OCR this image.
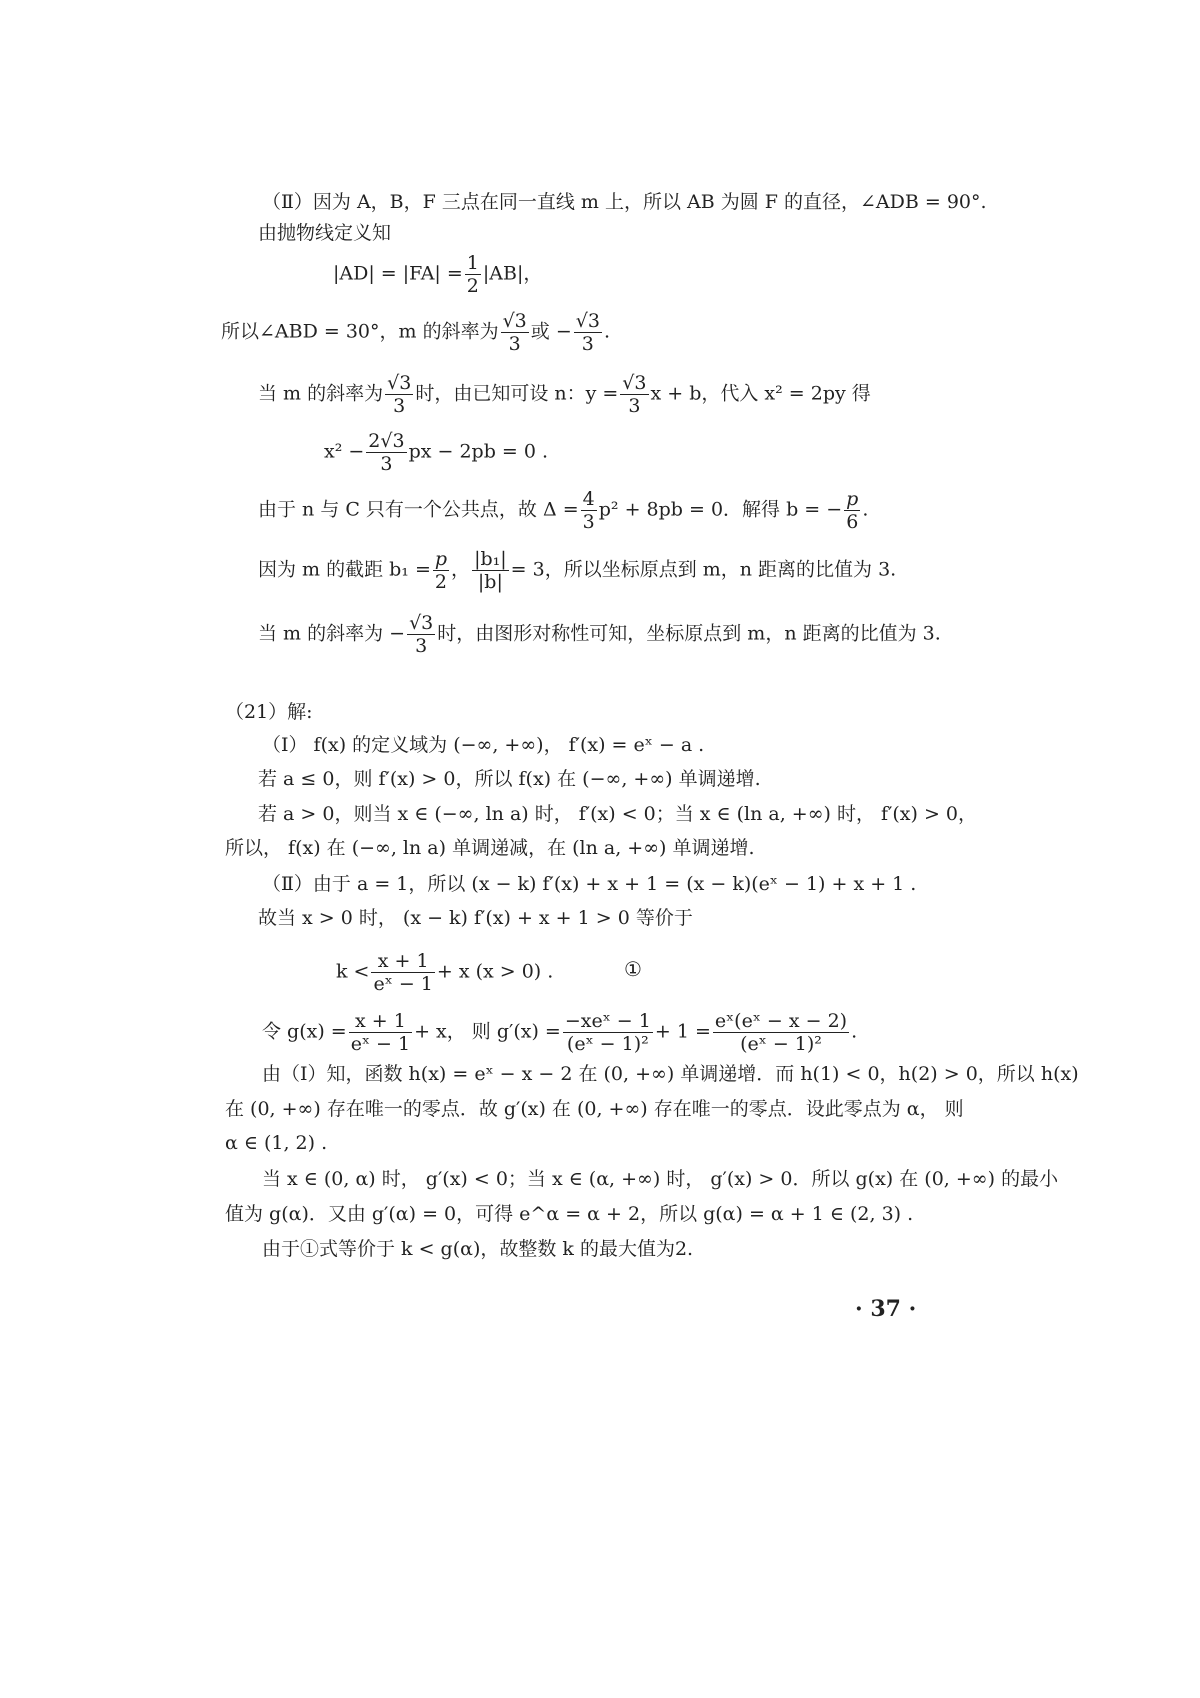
（Ⅱ）因为 A，B，F 三点在同一直线 m 上，所以 AB 为圆 F 的直径，∠ADB = 90°.
由抛物线定义知
$|AD| = |FA| = \frac{1}{2} |AB|$，
所以∠ABD = 30°，m 的斜率为 $\frac{√3}{3}$ 或 − $\frac{√3}{3}$ .
当 m 的斜率为 $\frac{√3}{3}$ 时，由已知可设 n：$y = \frac{√3}{3}$ x + b，代入 x² = 2py 得
$x^2 - \frac{2√3}{3}$ px − 2pb = 0 .
由于 n 与 C 只有一个公共点，故 $\Delta = \frac{4}{3} p^2 + 8pb = 0$．解得 b = − $\frac{p}{6}$ .
因为 m 的截距 $b_1 = \frac{p}{2}$ ， $\frac{\text{|b₁|}}{|b|} = 3$，所以坐标原点到 m，n 距离的比值为 3.
当 m 的斜率为 − $\frac{√3}{3}$ 时，由图形对称性可知，坐标原点到 m，n 距离的比值为 3.
（21）解:
（Ⅰ） f(x) 的定义域为 (−∞, +∞)， f′(x) = eˣ − a .
若 a ≤ 0，则 f′(x) > 0，所以 f(x) 在 (−∞, +∞) 单调递增.
若 a > 0，则当 x ∈ (−∞, ln a) 时， f′(x) < 0；当 x ∈ (ln a, +∞) 时， f′(x) > 0，
所以， f(x) 在 (−∞, ln a) 单调递减，在 (ln a, +∞) 单调递增.
（Ⅱ）由于 a = 1，所以 (x − k) f′(x) + x + 1 = (x − k)(eˣ − 1) + x + 1 .
故当 x > 0 时， (x − k) f′(x) + x + 1 > 0 等价于
$k < \frac{x + 1}{\text{eˣ − 1}} + x$ (x > 0) .	①
令 $g(x) = \frac{x + 1}{\text{eˣ − 1}} + x$， 则 g′(x) = −xeˣ − 1
(eˣ − 1)²
+ $1 = \frac{\text{eˣ(eˣ − x − 2)}}{\text{(eˣ − 1)²}}$ .
由（Ⅰ）知，函数 h(x) = eˣ − x − 2 在 (0, +∞) 单调递增．而 h(1) < 0，h(2) > 0，所以 h(x)
在 (0, +∞) 存在唯一的零点．故 g′(x) 在 (0, +∞) 存在唯一的零点．设此零点为 α， 则
α ∈ (1, 2) .
当 x ∈ (0, α) 时， g′(x) < 0；当 x ∈ (α, +∞) 时， g′(x) > 0．所以 g(x) 在 (0, +∞) 的最小
值为 g(α)．又由 g′(α) = 0，可得 e^α = α + 2，所以 g(α) = α + 1 ∈ (2, 3) .
由于①式等价于 k < g(α)，故整数 k 的最大值为2.
· 37 ·
